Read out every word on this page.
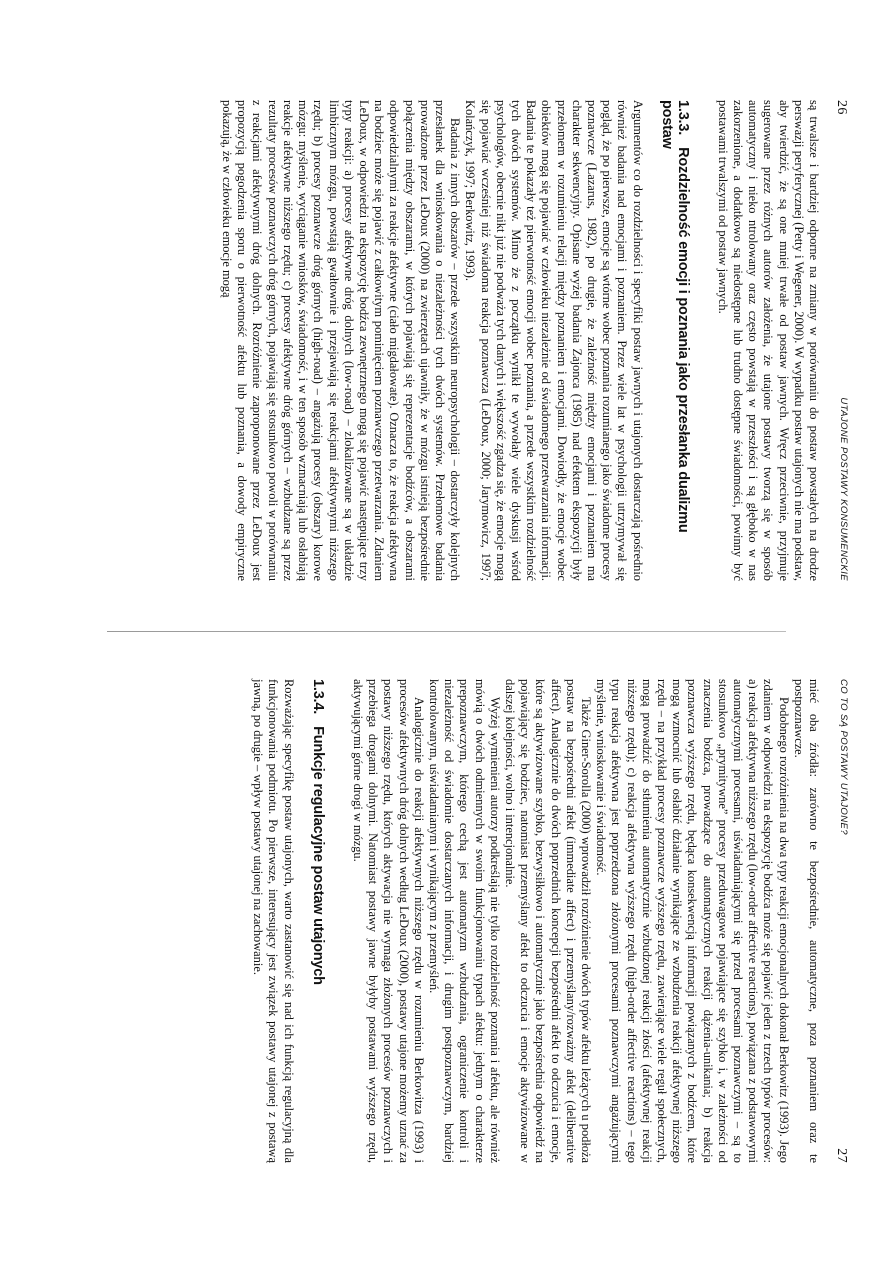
26
UTAJONE POSTAWY KONSUMENCKIE

są trwalsze i bardziej odporne na zmiany w porównaniu do postaw powstałych na drodze perswazji peryferycznej (Petty i Wegener, 2000). W wypadku postaw utajonych nie ma podstaw, aby twierdzić, że są one mniej trwałe od postaw jawnych. Wręcz przeciwnie, przyjmuje sugerowane przez różnych autorów założenia, że utajone postawy tworzą się w sposób automatyczny i nieko ntrolowany oraz często powstają w przeszłości i są głęboko w nas zakorzenione, a dodatkowo są niedostępne lub trudno dostępne świadomości, powinny być postawami trwalszymi od postaw jawnych.

1.3.3.Rozdzielność emocji i poznania jako przesłanka dualizmu postaw

Argumentów co do rozdzielności i specyfiki postaw jawnych i utajonych dostarczają pośrednio również badania nad emocjami i poznaniem. Przez wiele lat w psychologii utrzymywał się pogląd, że po pierwsze, emocje są wtórne wobec poznania rozumianego jako świadome procesy poznawcze (Lazarus, 1982), po drugie, że zależność między emocjami i poznaniem ma charakter sekwencyjny. Opisane wyżej badania Zajonca (1985) nad efektem ekspozycji były przełomem w rozumieniu relacji między poznaniem i emocjami. Dowiodły, że emocje wobec obiektów mogą się pojawiać w człowieku niezależnie od świadomego przetwarzania informacji. Badania te pokazały też pierwotność emocji wobec poznania, a przede wszystkim rozdzielność tych dwóch systemów. Mimo że z początku wynikł te wywołały wiele dyskusji wśród psychologów, obecnie nikt już nie podważa tych danych i większość zgadza się, że emocje mogą się pojawiać wcześniej niż świadoma reakcja poznawcza (LeDoux, 2000; Jarymowicz, 1997; Kolańczyk, 1997; Berkowitz, 1993).

Badania z innych obszarów – przede wszystkim neuropsychologii – dostarczyły kolejnych przesłanek dla wnioskowania o niezależności tych dwóch systemów. Przełomowe badania prowadzone przez LeDoux (2000) na zwierzętach ujawniły, że w mózgu istnieją bezpośrednie połączenia między obszarami, w których pojawiają się reprezentacje bodźców, a obszarami odpowiedzialnymi za reakcje afektywne (ciało migdałowate). Oznacza to, że reakcja afektywna na bodziec może się pojawić z całkowitym pominięciem poznawczego przetwarzania. Zdaniem LeDoux, w odpowiedzi na ekspozycję bodźca zewnętrznego mogą się pojawić następujące trzy typy reakcji: a) procesy afektywne dróg dolnych (low-road) – zlokalizowane są w układzie limbicznym mózgu, powstają gwałtownie i przejawiają się reakcjami afektywnymi niższego rzędu; b) procesy poznawcze dróg górnych (high-road) – angażują procesy (obszary) korowe mózgu: myślenie, wyciąganie wniosków, świadomość, i w ten sposób wzmacniają lub osłabiają reakcje afektywne niższego rzędu; c) procesy afektywne dróg górnych – wzbudzane są przez rezultaty procesów poznawczych dróg górnych, pojawiają się stosunkowo powoli w porównaniu z reakcjami afektywnymi dróg dolnych. Rozróżnienie zaproponowane przez LeDoux jest propozycją pogodzenia sporu o pierwotność afektu lub poznania, a dowody empiryczne pokazują, że w człowieku emocje mogą

CO TO SĄ POSTAWY UTAJONE?
27

mieć oba źródła: zarówno te bezpośrednie, automatyczne, poza poznaniem oraz te postpoznawcze.

Podobnego rozróżnienia na dwa typy reakcji emocjonalnych dokonał Berkowitz (1993). Jego zdaniem w odpowiedzi na ekspozycję bodźca może się pojawić jeden z trzech typów procesów: a) reakcja afektywna niższego rzędu (low-order affective reactions), powiązana z podstawowymi automatycznymi procesami, uświadamiającymi się przed procesami poznawczymi – są to stosunkowo „prymitywne” procesy przeduwagowe pojawiające się szybko i, w zależności od znaczenia bodźca, prowadzące do automatycznych reakcji dążenia-unikania; b) reakcja poznawcza wyższego rzędu, będąca konsekwencją informacji powiązanych z bodźcem, które mogą wzmocnić lub osłabić działanie wynikające ze wzbudzenia reakcji afektywnej niższego rzędu – na przykład procesy poznawcze wyższego rzędu, zawierające wiele reguł społecznych, mogą prowadzić do stłumienia automatycznie wzbudzonej reakcji złości (afektywnej reakcji niższego rzędu); c) reakcja afektywna wyższego rzędu (high-order affective reactions) – tego typu reakcja afektywna jest poprzedzona złożonymi procesami poznawczymi angażującymi myślenie, wnioskowanie i świadomość.

Także Giner-Sorolla (2000) wprowadził rozróżnienie dwóch typów afektu leżących u podłoża postaw na bezpośredni afekt (immediate affect) i przemyślany/rozważny afekt (deliberative affect). Analogicznie do dwóch poprzednich koncepcji bezpośredni afekt to odczucia i emocje, które są aktywizowane szybko, bezwysiłkowo i automatycznie jako bezpośrednia odpowiedź na pojawiający się bodziec, natomiast przemyślany afekt to odczucia i emocje aktywizowane w dalszej kolejności, wolno i intencjonalnie.

Wyżej wymienieni autorzy podkreślają nie tylko rozdzielność poznania i afektu, ale również mówią o dwóch odmiennych w swoim funkcjonowaniu typach afektu: jednym o charakterze prepoznawczym, którego cechą jest automatyzm wzbudzania, ograniczenie kontroli i niezależność od świadomie dostarczanych informacji, i drugim postpoznawczym, bardziej kontrolowanym, uświadamianym i wynikającym z przemyśleń.

Analogicznie do reakcji afektywnych niższego rzędu w rozumieniu Berkowitza (1993) i procesów afektywnych dróg dolnych według LeDoux (2000), postawy utajone możemy uznać za postawy niższego rzędu, których aktywacja nie wymaga złożonych procesów poznawczych i przebiega drogami dolnymi. Natomiast postawy jawne byłyby postawami wyższego rzędu, aktywującymi górne drogi w mózgu.

1.3.4.Funkcje regulacyjne postaw utajonych

Rozważając specyfikę postaw utajonych, warto zastanowić się nad ich funkcją regulacyjną dla funkcjonowania podmiotu. Po pierwsze, interesujący jest związek postawy utajonej z postawą jawną, po drugie – wpływ postawy utajonej na zachowanie.
